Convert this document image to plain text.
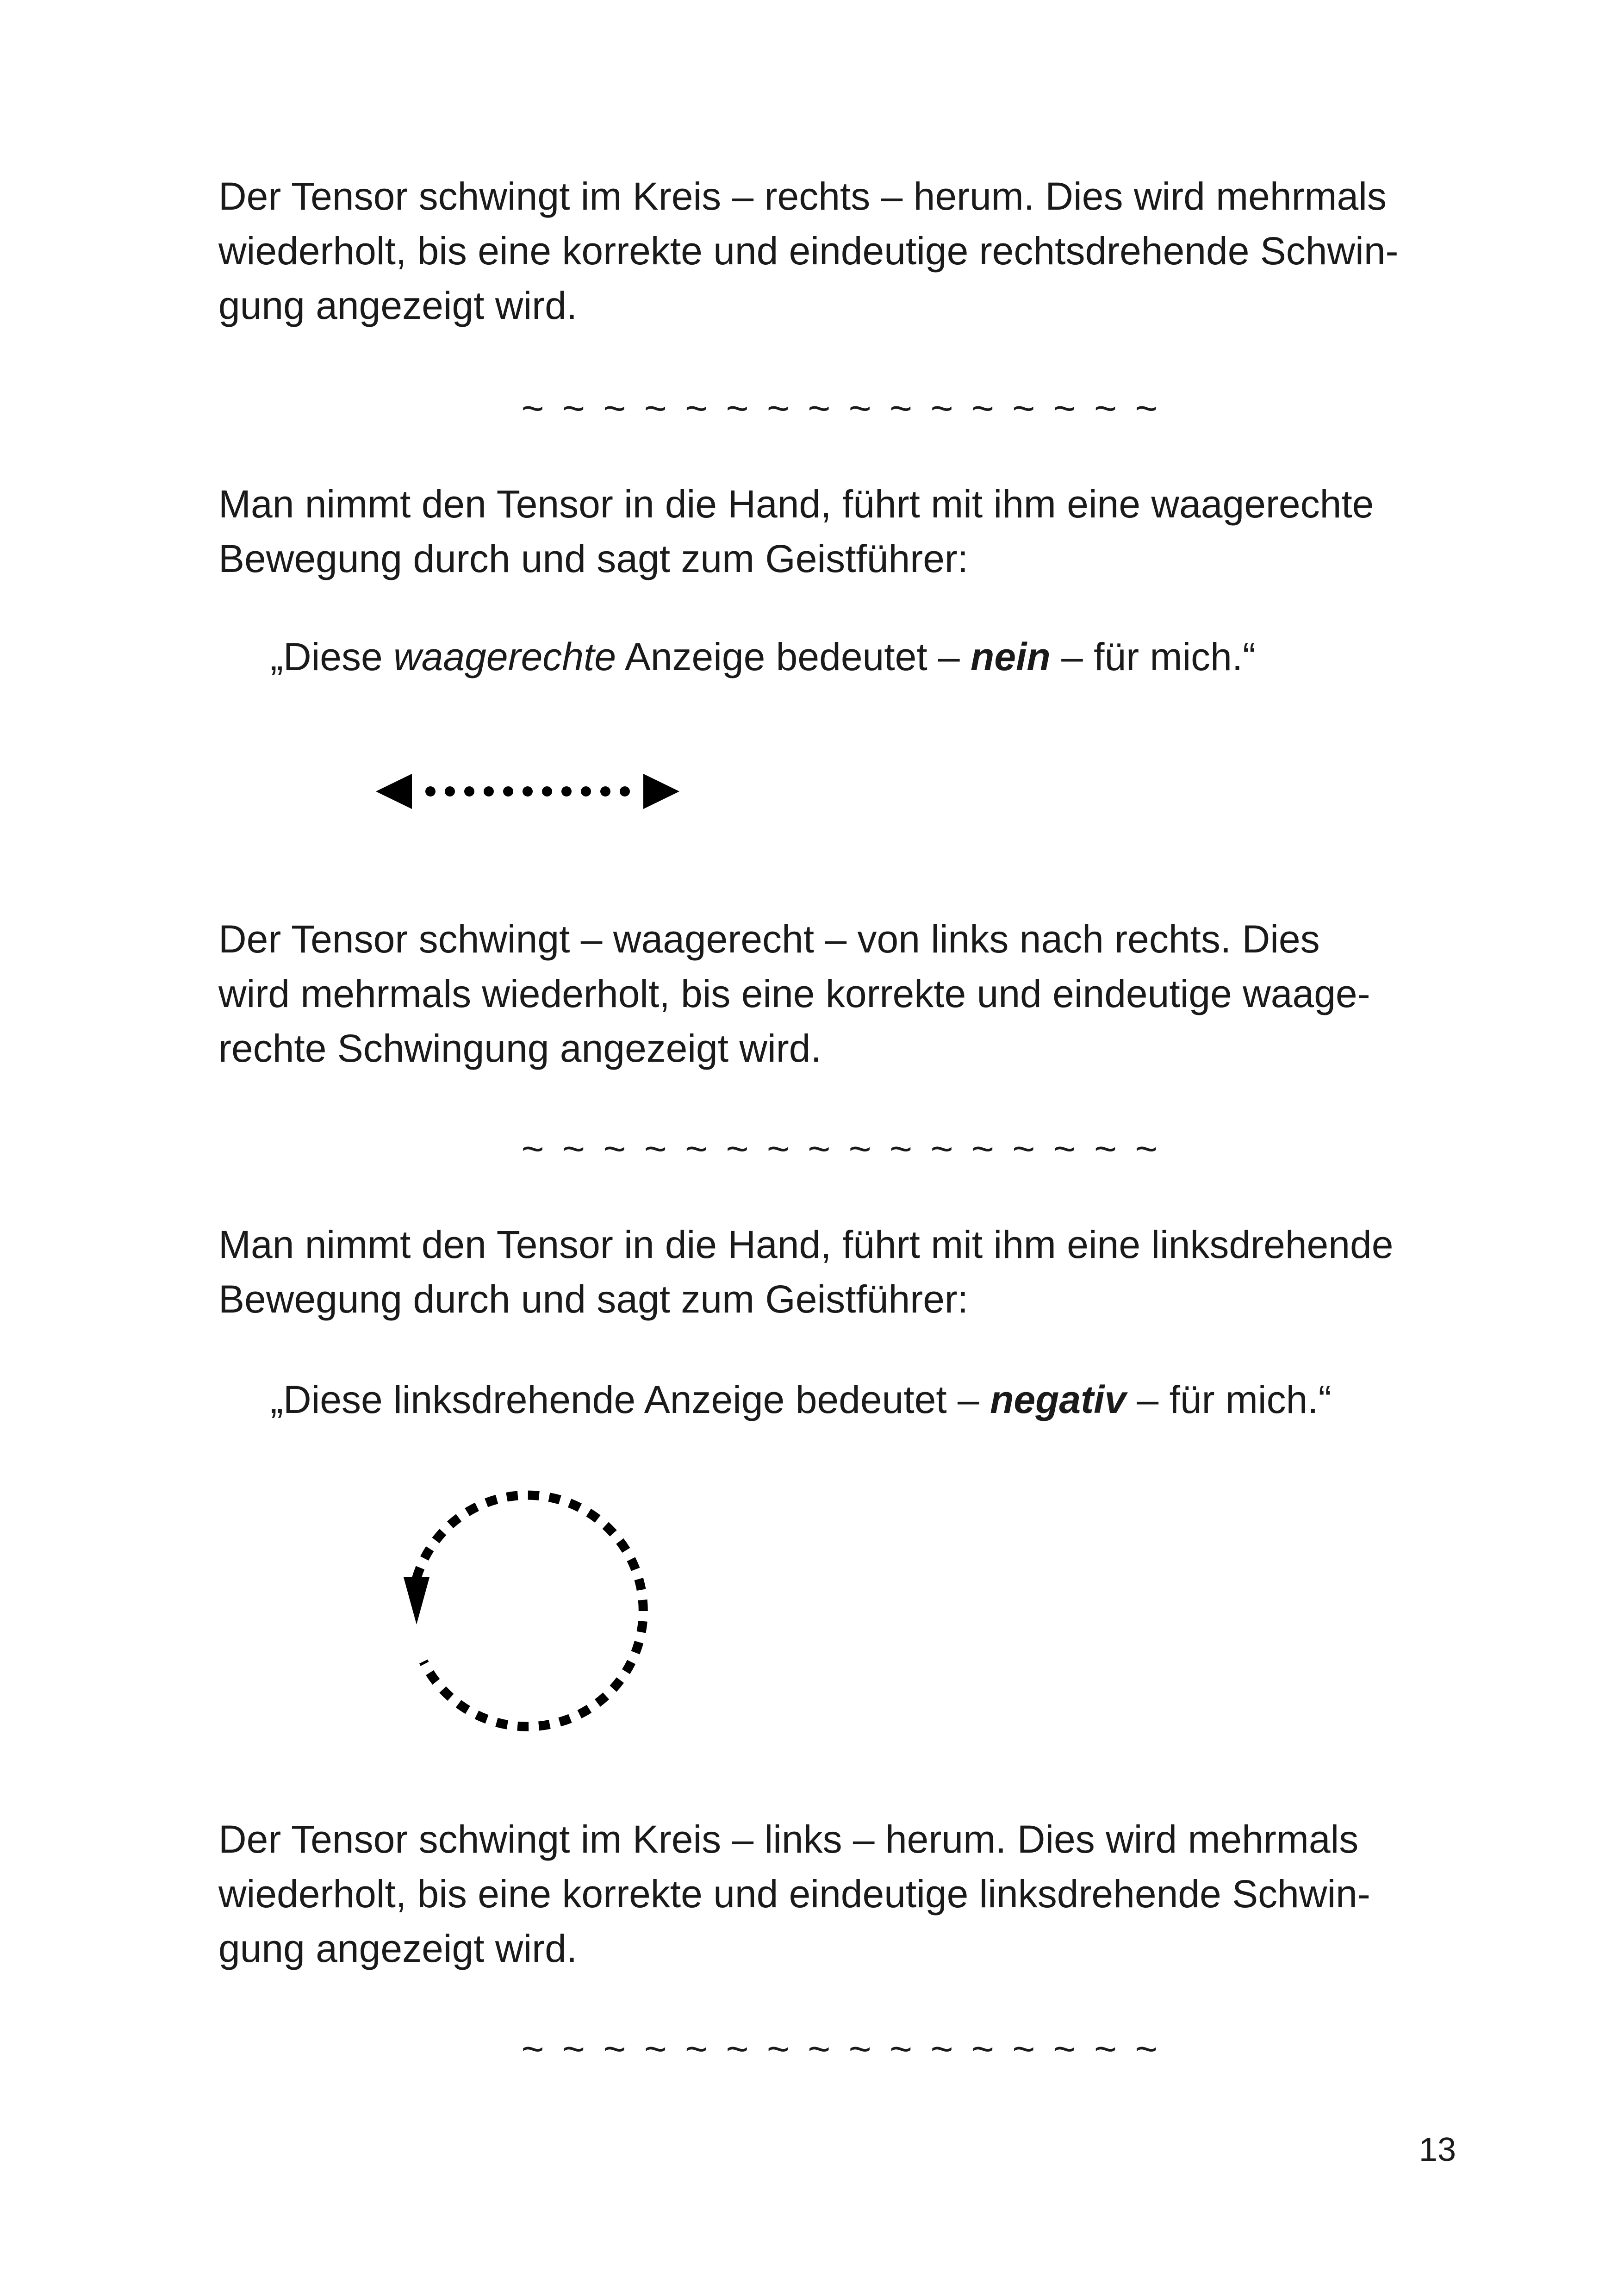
Der Tensor schwingt im Kreis – rechts – herum. Dies wird mehrmals
wiederholt, bis eine korrekte und eindeutige rechtsdrehende Schwin-
gung angezeigt wird.
~ ~ ~ ~ ~ ~ ~ ~ ~ ~ ~ ~ ~ ~ ~ ~
Man nimmt den Tensor in die Hand, führt mit ihm eine waagerechte
Bewegung durch und sagt zum Geistführer:
„Diese waagerechte Anzeige bedeutet – nein – für mich.“
Der Tensor schwingt – waagerecht – von links nach rechts. Dies
wird mehrmals wiederholt, bis eine korrekte und eindeutige waage-
rechte Schwingung angezeigt wird.
~ ~ ~ ~ ~ ~ ~ ~ ~ ~ ~ ~ ~ ~ ~ ~
Man nimmt den Tensor in die Hand, führt mit ihm eine linksdrehende
Bewegung durch und sagt zum Geistführer:
„Diese linksdrehende Anzeige bedeutet – negativ – für mich.“
Der Tensor schwingt im Kreis – links – herum. Dies wird mehrmals
wiederholt, bis eine korrekte und eindeutige linksdrehende Schwin-
gung angezeigt wird.
~ ~ ~ ~ ~ ~ ~ ~ ~ ~ ~ ~ ~ ~ ~ ~
13
